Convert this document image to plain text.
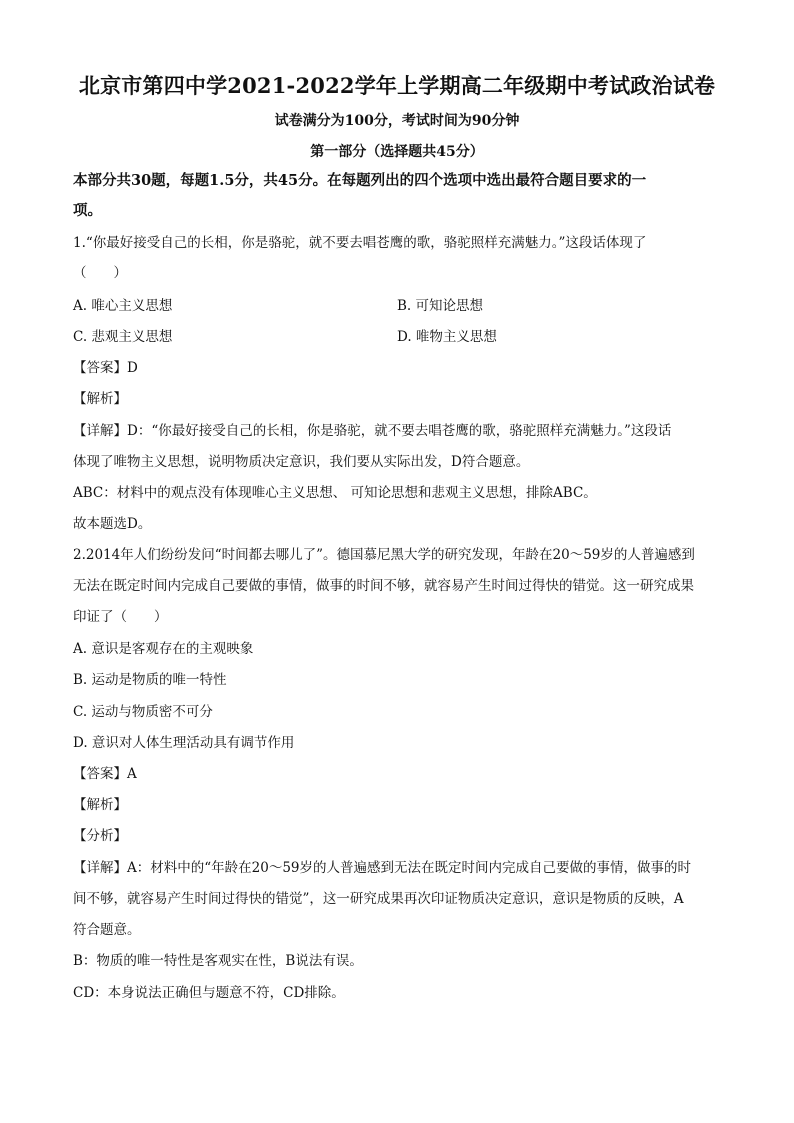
北京市第四中学2021-2022学年上学期高二年级期中考试政治试卷
试卷满分为100分，考试时间为90分钟
第一部分（选择题共45分）
本部分共30题，每题1.5分，共45分。在每题列出的四个选项中选出最符合题目要求的一
项。
1.“你最好接受自己的长相，你是骆驼，就不要去唱苍鹰的歌，骆驼照样充满魅力。”这段话体现了
（　　）
A. 唯心主义思想	B. 可知论思想
C. 悲观主义思想	D. 唯物主义思想
【答案】D
【解析】
【详解】D：“你最好接受自己的长相，你是骆驼，就不要去唱苍鹰的歌，骆驼照样充满魅力。”这段话
体现了唯物主义思想，说明物质决定意识，我们要从实际出发，D符合题意。
ABC：材料中的观点没有体现唯心主义思想、 可知论思想和悲观主义思想，排除ABC。
故本题选D。
2.2014年人们纷纷发问“时间都去哪儿了”。德国慕尼黑大学的研究发现，年龄在20～59岁的人普遍感到
无法在既定时间内完成自己要做的事情，做事的时间不够，就容易产生时间过得快的错觉。这一研究成果
印证了（　　）
A. 意识是客观存在的主观映象
B. 运动是物质的唯一特性
C. 运动与物质密不可分
D. 意识对人体生理活动具有调节作用
【答案】A
【解析】
【分析】
【详解】A：材料中的“年龄在20～59岁的人普遍感到无法在既定时间内完成自己要做的事情，做事的时
间不够，就容易产生时间过得快的错觉”，这一研究成果再次印证物质决定意识，意识是物质的反映，A
符合题意。
B：物质的唯一特性是客观实在性，B说法有误。
CD：本身说法正确但与题意不符，CD排除。
